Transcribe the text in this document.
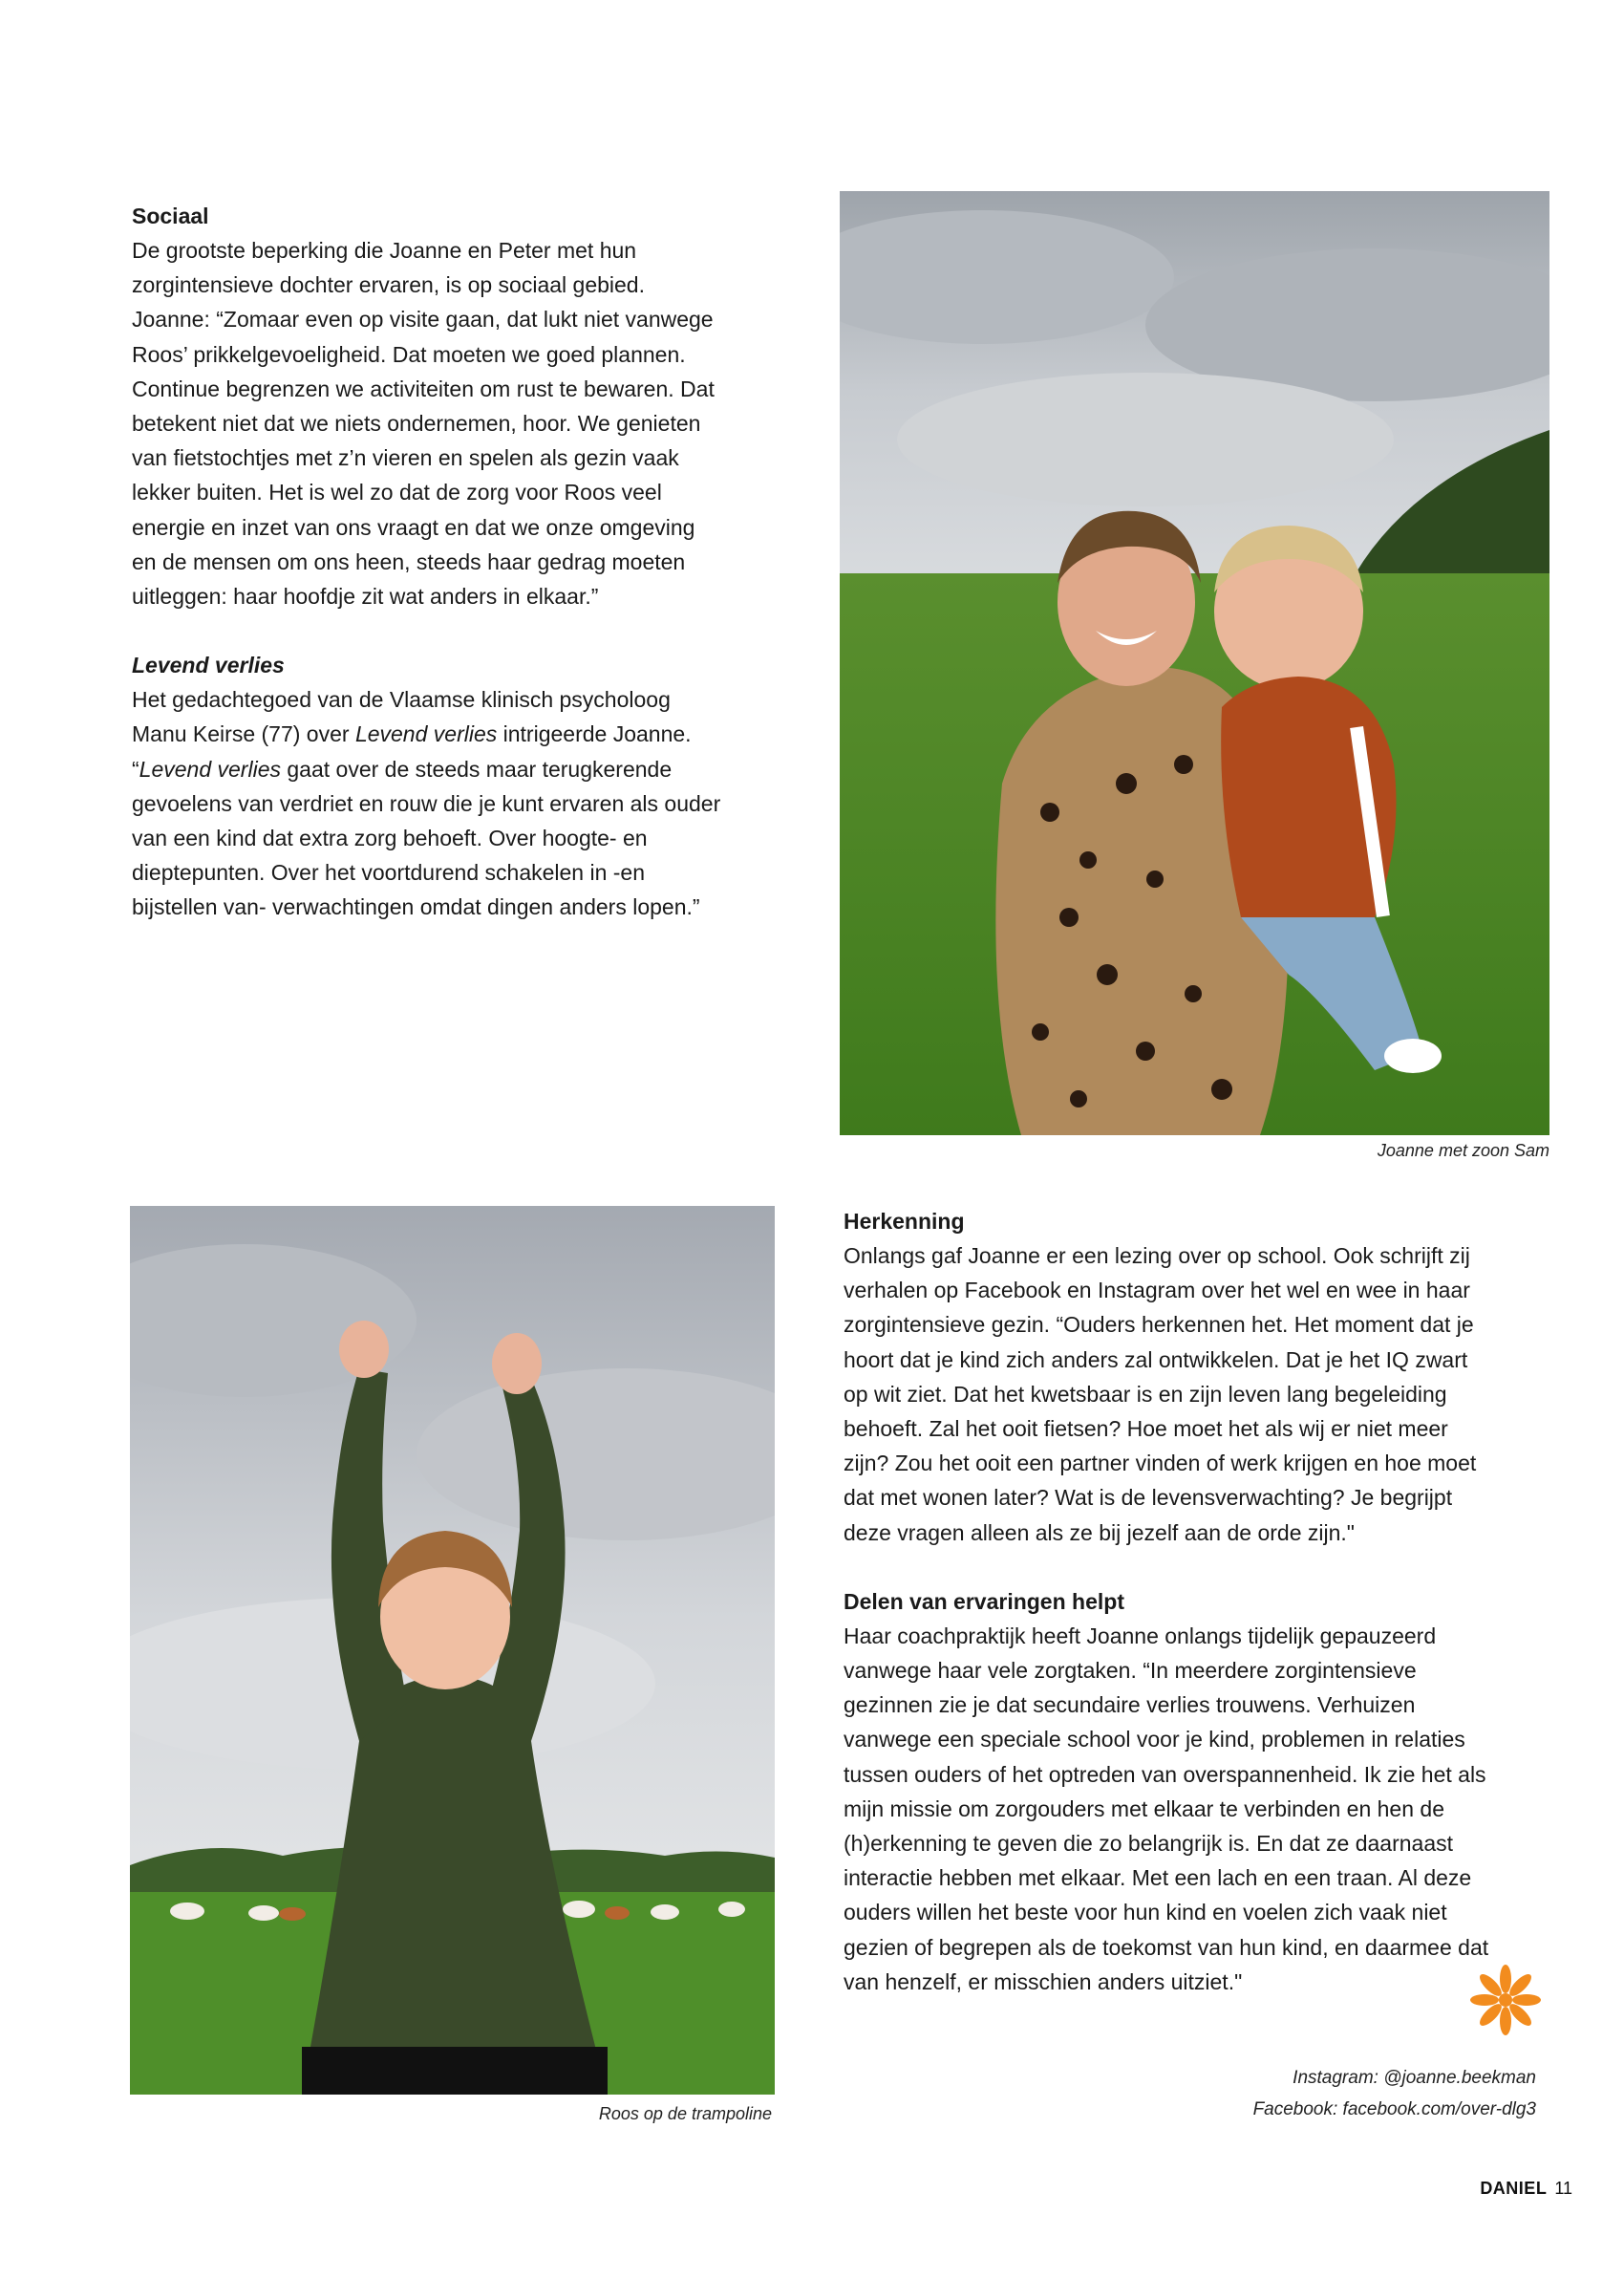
Sociaal

De grootste beperking die Joanne en Peter met hun

zorgintensieve dochter ervaren, is op sociaal gebied.

Joanne: “Zomaar even op visite gaan, dat lukt niet vanwege

Roos’ prikkelgevoeligheid. Dat moeten we goed plannen.

Continue begrenzen we activiteiten om rust te bewaren. Dat

betekent niet dat we niets ondernemen, hoor. We genieten

van fietstochtjes met z’n vieren en spelen als gezin vaak

lekker buiten. Het is wel zo dat de zorg voor Roos veel

energie en inzet van ons vraagt en dat we onze omgeving

en de mensen om ons heen, steeds haar gedrag moeten

uitleggen: haar hoofdje zit wat anders in elkaar.”

Levend verlies

Het gedachtegoed van de Vlaamse klinisch psycholoog

Manu Keirse (77) over Levend verlies intrigeerde Joanne.

“Levend verlies gaat over de steeds maar terugkerende

gevoelens van verdriet en rouw die je kunt ervaren als ouder

van een kind dat extra zorg behoeft. Over hoogte- en

dieptepunten. Over het voortdurend schakelen in -en

bijstellen van- verwachtingen omdat dingen anders lopen.”

Joanne met zoon Sam
Roos op de trampoline

Herkenning

Onlangs gaf Joanne er een lezing over op school. Ook schrijft zij

verhalen op Facebook en Instagram over het wel en wee in haar

zorgintensieve gezin. “Ouders herkennen het. Het moment dat je

hoort dat je kind zich anders zal ontwikkelen. Dat je het IQ zwart

op wit ziet. Dat het kwetsbaar is en zijn leven lang begeleiding

behoeft. Zal het ooit fietsen? Hoe moet het als wij er niet meer

zijn? Zou het ooit een partner vinden of werk krijgen en hoe moet

dat met wonen later? Wat is de levensverwachting? Je begrijpt

deze vragen alleen als ze bij jezelf aan de orde zijn."

Delen van ervaringen helpt

Haar coachpraktijk heeft Joanne onlangs tijdelijk gepauzeerd

vanwege haar vele zorgtaken. “In meerdere zorgintensieve

gezinnen zie je dat secundaire verlies trouwens. Verhuizen

vanwege een speciale school voor je kind, problemen in relaties

tussen ouders of het optreden van overspannenheid. Ik zie het als

mijn missie om zorgouders met elkaar te verbinden en hen de

(h)erkenning te geven die zo belangrijk is. En dat ze daarnaast

interactie hebben met elkaar. Met een lach en een traan. Al deze

ouders willen het beste voor hun kind en voelen zich vaak niet

gezien of begrepen als de toekomst van hun kind, en daarmee dat

van henzelf, er misschien anders uitziet."

Instagram: @joanne.beekman
Facebook: facebook.com/over-dlg3
DANIEL 11
